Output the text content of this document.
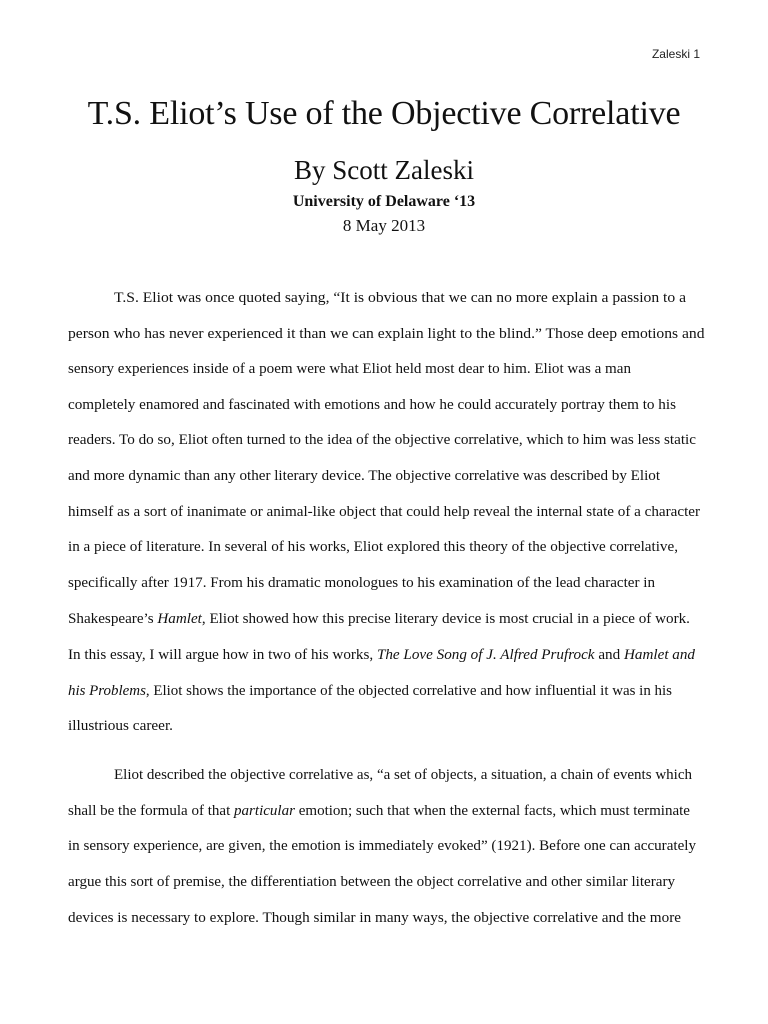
Zaleski 1
T.S. Eliot’s Use of the Objective Correlative
By Scott Zaleski
University of Delaware ‘13
8 May 2013
T.S. Eliot was once quoted saying, “It is obvious that we can no more explain a passion to a
person who has never experienced it than we can explain light to the blind.” Those deep emotions and
sensory experiences inside of a poem were what Eliot held most dear to him. Eliot was a man
completely enamored and fascinated with emotions and how he could accurately portray them to his
readers. To do so, Eliot often turned to the idea of the objective correlative, which to him was less static
and more dynamic than any other literary device. The objective correlative was described by Eliot
himself as a sort of inanimate or animal-like object that could help reveal the internal state of a character
in a piece of literature. In several of his works, Eliot explored this theory of the objective correlative,
specifically after 1917. From his dramatic monologues to his examination of the lead character in
Shakespeare’s Hamlet, Eliot showed how this precise literary device is most crucial in a piece of work.
In this essay, I will argue how in two of his works, The Love Song of J. Alfred Prufrock and Hamlet and
his Problems, Eliot shows the importance of the objected correlative and how influential it was in his
illustrious career.
Eliot described the objective correlative as, “a set of objects, a situation, a chain of events which
shall be the formula of that particular emotion; such that when the external facts, which must terminate
in sensory experience, are given, the emotion is immediately evoked” (1921). Before one can accurately
argue this sort of premise, the differentiation between the object correlative and other similar literary
devices is necessary to explore. Though similar in many ways, the objective correlative and the more
